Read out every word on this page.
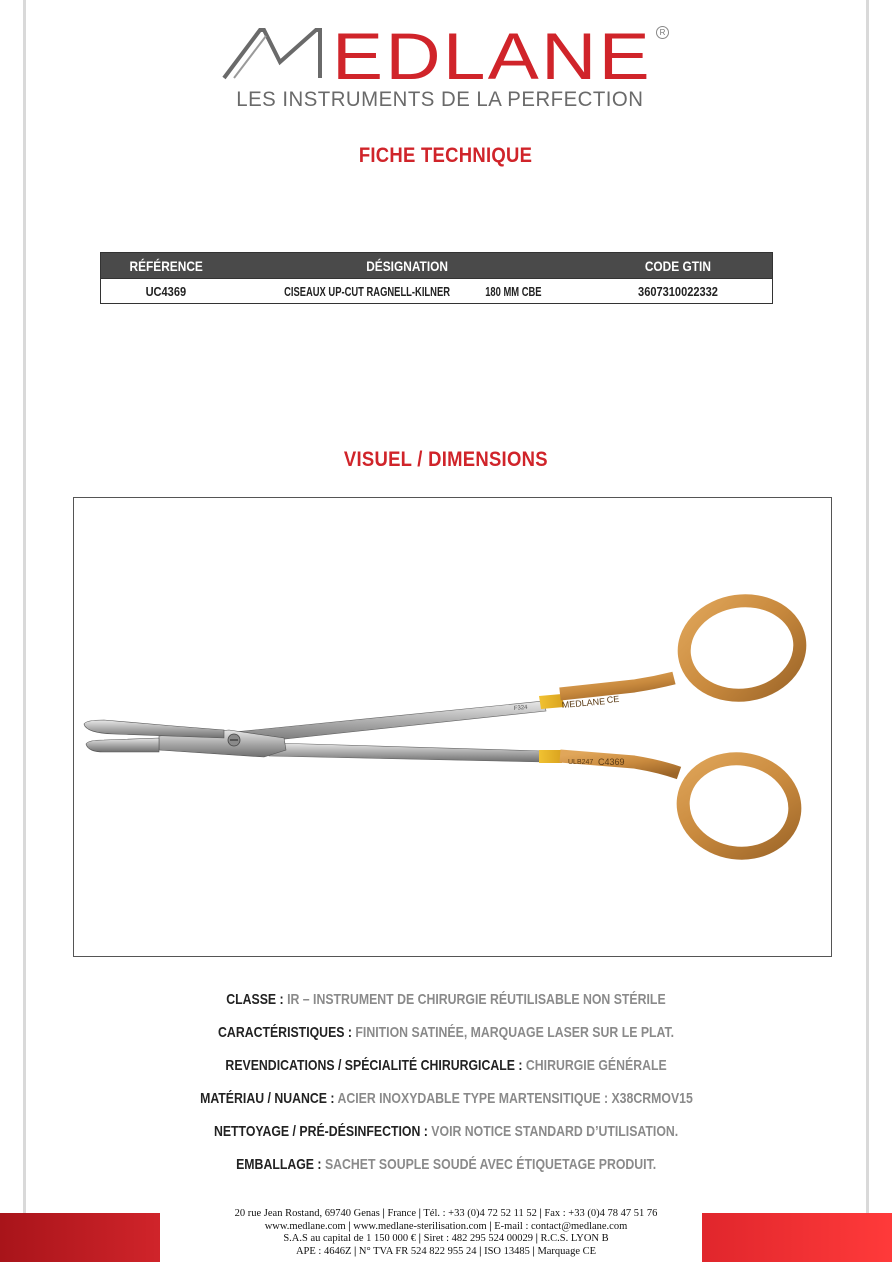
EDLANE R
LES INSTRUMENTS DE LA PERFECTION
FICHE TECHNIQUE
RÉFÉRENCE	DÉSIGNATION	CODE GTIN
UC4369	CISEAUX UP-CUT RAGNELL-KILNER 180 MM CBE	3607310022332
VISUEL / DIMENSIONS
MEDLANE CE
F324
ULB247 C4369
CLASSE : IR – INSTRUMENT DE CHIRURGIE RÉUTILISABLE NON STÉRILE
CARACTÉRISTIQUES : FINITION SATINÉE, MARQUAGE LASER SUR LE PLAT.
REVENDICATIONS / SPÉCIALITÉ CHIRURGICALE : CHIRURGIE GÉNÉRALE
MATÉRIAU / NUANCE : ACIER INOXYDABLE TYPE MARTENSITIQUE : X38CRMOV15
NETTOYAGE / PRÉ-DÉSINFECTION : VOIR NOTICE STANDARD D’UTILISATION.
EMBALLAGE : SACHET SOUPLE SOUDÉ AVEC ÉTIQUETAGE PRODUIT.
20 rue Jean Rostand, 69740 Genas | France | Tél. : +33 (0)4 72 52 11 52 | Fax : +33 (0)4 78 47 51 76
www.medlane.com | www.medlane-sterilisation.com | E-mail : contact@medlane.com
S.A.S au capital de 1 150 000 € | Siret : 482 295 524 00029 | R.C.S. LYON B
APE : 4646Z | N° TVA FR 524 822 955 24 | ISO 13485 | Marquage CE
